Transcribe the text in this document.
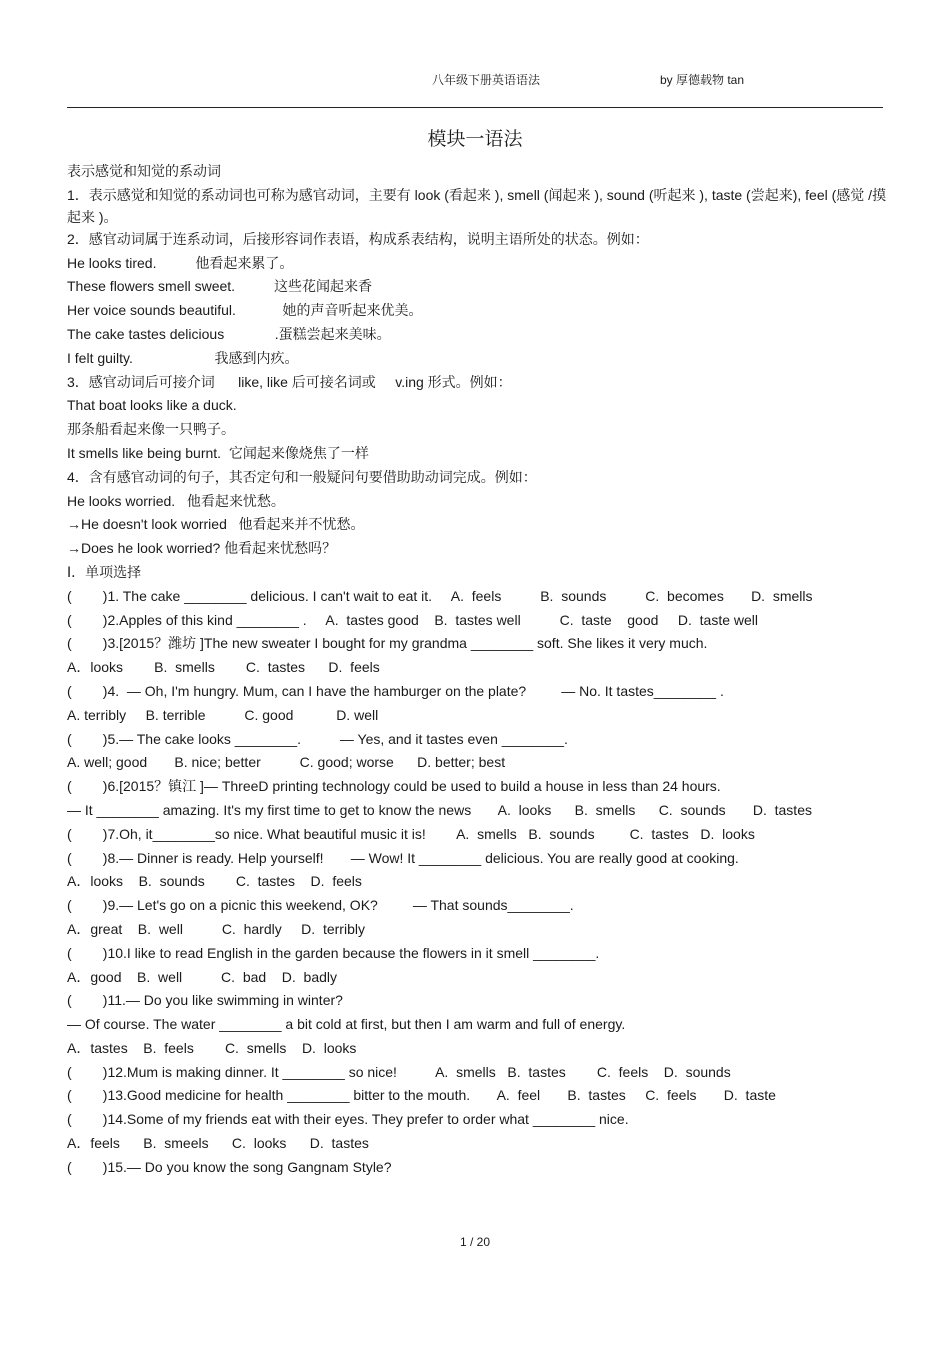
八年级下册英语语法	by 厚德载物 tan
模块一语法
表示感觉和知觉的系动词
1．表示感觉和知觉的系动词也可称为感官动词，主要有 look (看起来 ), smell (闻起来 ), sound (听起来 ), taste (尝起来), feel (感觉 /摸起来 )。
2．感官动词属于连系动词，后接形容词作表语，构成系表结构，说明主语所处的状态。例如：
He looks tired.          他看起来累了。
These flowers smell sweet.          这些花闻起来香
Her voice sounds beautiful.            她的声音听起来优美。
The cake tastes delicious             .蛋糕尝起来美味。
I felt guilty.                     我感到内疚。
3．感官动词后可接介词      like, like 后可接名词或     v.ing 形式。例如：
That boat looks like a duck.
那条船看起来像一只鸭子。
It smells like being burnt.  它闻起来像烧焦了一样
4．含有感官动词的句子，其否定句和一般疑问句要借助助动词完成。例如：
He looks worried.   他看起来忧愁。
→He doesn't look worried   他看起来并不忧愁。
→Does he look worried? 他看起来忧愁吗？
Ⅰ．单项选择
(        )1. The cake ________ delicious. I can't wait to eat it.     A.  feels          B.  sounds          C.  becomes       D.  smells
(        )2.Apples of this kind ________ .     A.  tastes good    B.  tastes well          C.  taste    good     D.  taste well
(        )3.[2015？潍坊 ]The new sweater I bought for my grandma ________ soft. She likes it very much.
A．looks        B.  smells        C.  tastes      D.  feels
(        )4.  — Oh, I'm hungry. Mum, can I have the hamburger on the plate?         — No. It tastes________ .
A. terribly     B. terrible          C. good           D. well
(        )5.— The cake looks ________.          — Yes, and it tastes even ________.
A. well; good       B. nice; better          C. good; worse      D. better; best
(        )6.[2015？镇江 ]— ThreeD printing technology could be used to build a house in less than 24 hours.
— It ________ amazing. It's my first time to get to know the news       A.  looks      B.  smells      C.  sounds       D.  tastes
(        )7.Oh, it________so nice. What beautiful music it is!        A.  smells   B.  sounds         C.  tastes   D.  looks
(        )8.— Dinner is ready. Help yourself!       — Wow! It ________ delicious. You are really good at cooking.
A．looks    B.  sounds        C.  tastes    D.  feels
(        )9.— Let's go on a picnic this weekend, OK?         — That sounds________.
A．great    B.  well          C.  hardly     D.  terribly
(        )10.I like to read English in the garden because the flowers in it smell ________.
A．good    B.  well          C.  bad    D.  badly
(        )11.— Do you like swimming in winter?
— Of course. The water ________ a bit cold at first, but then I am warm and full of energy.
A．tastes    B.  feels        C.  smells    D.  looks
(        )12.Mum is making dinner. It ________ so nice!          A.  smells   B.  tastes        C.  feels    D.  sounds
(        )13.Good medicine for health ________ bitter to the mouth.       A.  feel       B.  tastes     C.  feels       D.  taste
(        )14.Some of my friends eat with their eyes. They prefer to order what ________ nice.
A．feels      B.  smeels      C.  looks      D.  tastes
(        )15.— Do you know the song Gangnam Style?
1 / 20
